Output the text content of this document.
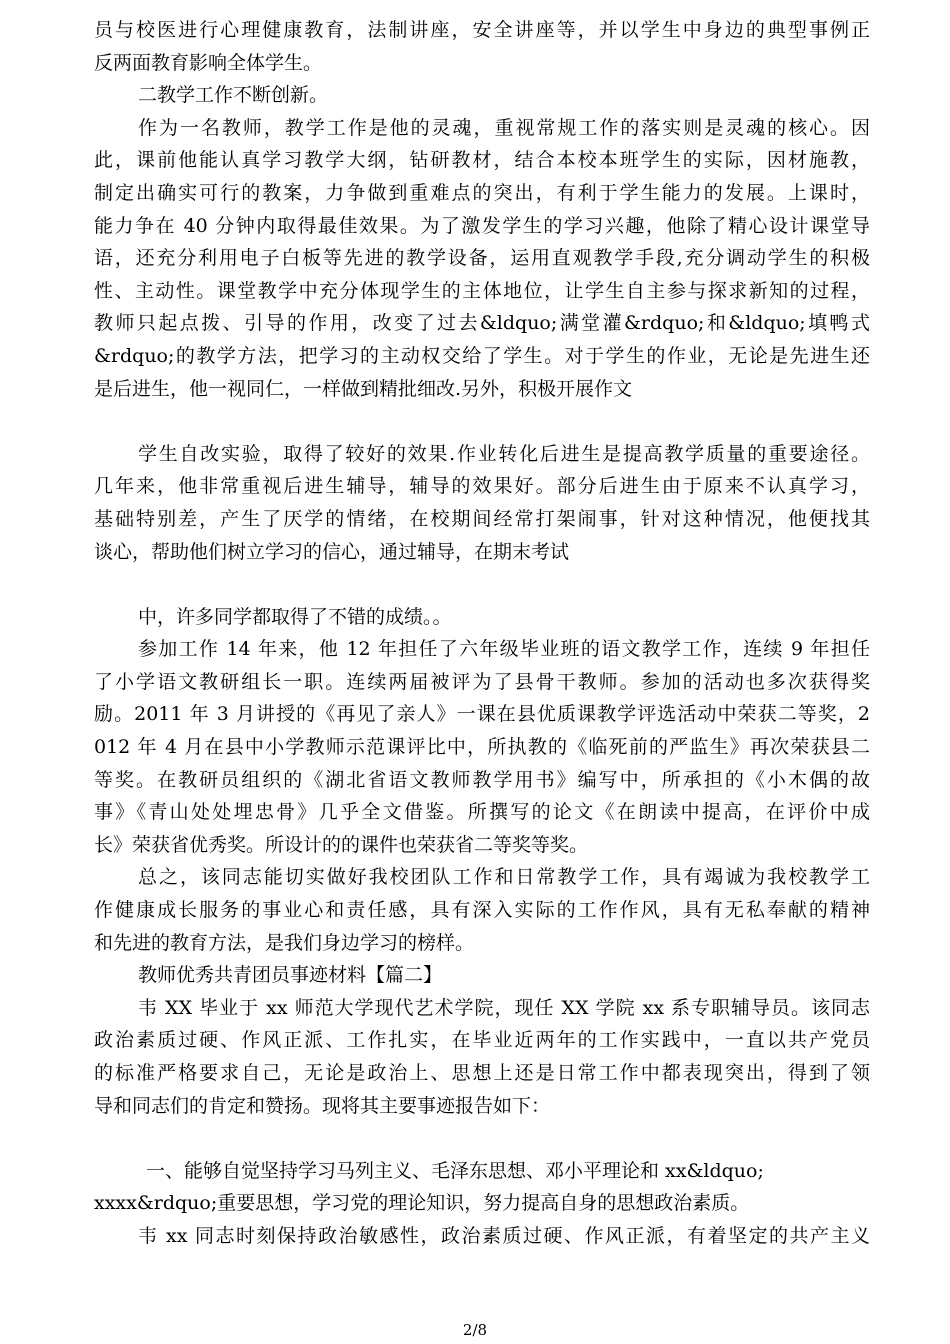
员与校医进行心理健康教育，法制讲座，安全讲座等，并以学生中身边的典型事例正
反两面教育影响全体学生。
二教学工作不断创新。
作为一名教师，教学工作是他的灵魂，重视常规工作的落实则是灵魂的核心。因
此，课前他能认真学习教学大纲，钻研教材，结合本校本班学生的实际，因材施教，
制定出确实可行的教案，力争做到重难点的突出，有利于学生能力的发展。上课时，
能力争在 40 分钟内取得最佳效果。为了激发学生的学习兴趣，他除了精心设计课堂导
语，还充分利用电子白板等先进的教学设备，运用直观教学手段,充分调动学生的积极
性、主动性。课堂教学中充分体现学生的主体地位，让学生自主参与探求新知的过程，
教师只起点拨、引导的作用，改变了过去&ldquo;满堂灌&rdquo;和&ldquo;填鸭式
&rdquo;的教学方法，把学习的主动权交给了学生。对于学生的作业，无论是先进生还
是后进生，他一视同仁，一样做到精批细改.另外，积极开展作文
学生自改实验，取得了较好的效果.作业转化后进生是提高教学质量的重要途径。
几年来，他非常重视后进生辅导，辅导的效果好。部分后进生由于原来不认真学习，
基础特别差，产生了厌学的情绪，在校期间经常打架闹事，针对这种情况，他便找其
谈心，帮助他们树立学习的信心，通过辅导，在期末考试
中，许多同学都取得了不错的成绩。。
参加工作 14 年来，他 12 年担任了六年级毕业班的语文教学工作，连续 9 年担任
了小学语文教研组长一职。连续两届被评为了县骨干教师。参加的活动也多次获得奖
励。2011 年 3 月讲授的《再见了亲人》一课在县优质课教学评选活动中荣获二等奖，2
012 年 4 月在县中小学教师示范课评比中，所执教的《临死前的严监生》再次荣获县二
等奖。在教研员组织的《湖北省语文教师教学用书》编写中，所承担的《小木偶的故
事》《青山处处埋忠骨》几乎全文借鉴。所撰写的论文《在朗读中提高，在评价中成
长》荣获省优秀奖。所设计的的课件也荣获省二等奖等奖。
总之，该同志能切实做好我校团队工作和日常教学工作，具有竭诚为我校教学工
作健康成长服务的事业心和责任感，具有深入实际的工作作风，具有无私奉献的精神
和先进的教育方法，是我们身边学习的榜样。
教师优秀共青团员事迹材料【篇二】
韦 XX 毕业于 xx 师范大学现代艺术学院，现任 XX 学院 xx 系专职辅导员。该同志
政治素质过硬、作风正派、工作扎实，在毕业近两年的工作实践中，一直以共产党员
的标准严格要求自己，无论是政治上、思想上还是日常工作中都表现突出，得到了领
导和同志们的肯定和赞扬。现将其主要事迹报告如下：
一、能够自觉坚持学习马列主义、毛泽东思想、邓小平理论和 xx&ldquo;
xxxx&rdquo;重要思想，学习党的理论知识，努力提高自身的思想政治素质。
韦 xx 同志时刻保持政治敏感性，政治素质过硬、作风正派，有着坚定的共产主义
2/8
